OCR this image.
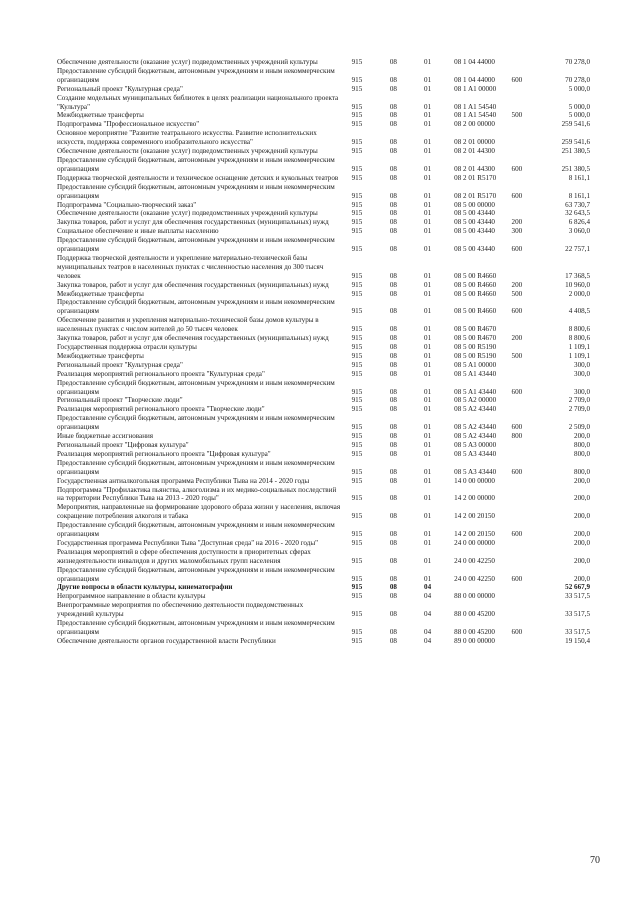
Обеспечение деятельности (оказание услуг) подведомственных учреждений культуры	915	08	01	08 1 04 44000		70 278,0
Предоставление субсидий бюджетным, автономным учреждениям и иным некоммерческим организациям	915	08	01	08 1 04 44000	600	70 278,0
Региональный проект "Культурная среда"	915	08	01	08 1 A1 00000		5 000,0
Создание модельных муниципальных библиотек в целях реализации национального проекта "Культура"	915	08	01	08 1 A1 54540		5 000,0
Межбюджетные трансферты	915	08	01	08 1 A1 54540	500	5 000,0
Подпрограмма "Профессиональное искусство"	915	08	01	08 2 00 00000		259 541,6
Основное мероприятие "Развитие театрального искусства. Развитие исполнительских искусств, поддержка современного изобразительного искусства"	915	08	01	08 2 01 00000		259 541,6
Обеспечение деятельности (оказание услуг) подведомственных учреждений культуры	915	08	01	08 2 01 44300		251 380,5
Предоставление субсидий бюджетным, автономным учреждениям и иным некоммерческим организациям	915	08	01	08 2 01 44300	600	251 380,5
Поддержка творческой деятельности и техническое оснащение детских и кукольных театров	915	08	01	08 2 01 R5170		8 161,1
Предоставление субсидий бюджетным, автономным учреждениям и иным некоммерческим организациям	915	08	01	08 2 01 R5170	600	8 161,1
Подпрограмма "Социально-творческий заказ"	915	08	01	08 5 00 00000		63 730,7
Обеспечение деятельности (оказание услуг) подведомственных учреждений культуры	915	08	01	08 5 00 43440		32 643,5
Закупка товаров, работ и услуг для обеспечения государственных (муниципальных) нужд	915	08	01	08 5 00 43440	200	6 826,4
Социальное обеспечение и иные выплаты населению	915	08	01	08 5 00 43440	300	3 060,0
Предоставление субсидий бюджетным, автономным учреждениям и иным некоммерческим организациям	915	08	01	08 5 00 43440	600	22 757,1
Поддержка творческой деятельности и укрепление материально-технической базы муниципальных театров в населенных пунктах с численностью населения до 300 тысяч человек	915	08	01	08 5 00 R4660		17 368,5
Закупка товаров, работ и услуг для обеспечения государственных (муниципальных) нужд	915	08	01	08 5 00 R4660	200	10 960,0
Межбюджетные трансферты	915	08	01	08 5 00 R4660	500	2 000,0
Предоставление субсидий бюджетным, автономным учреждениям и иным некоммерческим организациям	915	08	01	08 5 00 R4660	600	4 408,5
Обеспечение развития и укрепления материально-технической базы домов культуры в населенных пунктах с числом жителей до 50 тысяч человек	915	08	01	08 5 00 R4670		8 800,6
Закупка товаров, работ и услуг для обеспечения государственных (муниципальных) нужд	915	08	01	08 5 00 R4670	200	8 800,6
Государственная поддержка отрасли культуры	915	08	01	08 5 00 R5190		1 109,1
Межбюджетные трансферты	915	08	01	08 5 00 R5190	500	1 109,1
Региональный проект "Культурная среда"	915	08	01	08 5 A1 00000		300,0
Реализация мероприятий регионального проекта "Культурная среда"	915	08	01	08 5 A1 43440		300,0
Предоставление субсидий бюджетным, автономным учреждениям и иным некоммерческим организациям	915	08	01	08 5 A1 43440	600	300,0
Региональный проект "Творческие люди"	915	08	01	08 5 A2 00000		2 709,0
Реализация мероприятий регионального проекта "Творческие люди"	915	08	01	08 5 A2 43440		2 709,0
Предоставление субсидий бюджетным, автономным учреждениям и иным некоммерческим организациям	915	08	01	08 5 A2 43440	600	2 509,0
Иные бюджетные ассигнования	915	08	01	08 5 A2 43440	800	200,0
Региональный проект "Цифровая культура"	915	08	01	08 5 A3 00000		800,0
Реализация мероприятий регионального проекта "Цифровая культура"	915	08	01	08 5 A3 43440		800,0
Предоставление субсидий бюджетным, автономным учреждениям и иным некоммерческим организациям	915	08	01	08 5 A3 43440	600	800,0
Государственная антиалкогольная программа Республики Тыва на 2014 - 2020 годы	915	08	01	14 0 00 00000		200,0
Подпрограмма "Профилактика пьянства, алкоголизма и их медико-социальных последствий на территории Республики Тыва на 2013 - 2020 годы"	915	08	01	14 2 00 00000		200,0
Мероприятия, направленные на формирование здорового образа жизни у населения, включая сокращение потребления алкоголя и табака	915	08	01	14 2 00 20150		200,0
Предоставление субсидий бюджетным, автономным учреждениям и иным некоммерческим организациям	915	08	01	14 2 00 20150	600	200,0
Государственная программа Республики Тыва "Доступная среда" на 2016 - 2020 годы"	915	08	01	24 0 00 00000		200,0
Реализация мероприятий в сфере обеспечения доступности в приоритетных сферах жизнедеятельности инвалидов и других маломобильных групп населения	915	08	01	24 0 00 42250		200,0
Предоставление субсидий бюджетным, автономным учреждениям и иным некоммерческим организациям	915	08	01	24 0 00 42250	600	200,0
Другие вопросы в области культуры, кинематографии	915	08	04			52 667,9
Непрограммное направление в области культуры	915	08	04	88 0 00 00000		33 517,5
Внепрограммные мероприятия по обеспечению деятельности подведомственных учреждений культуры	915	08	04	88 0 00 45200		33 517,5
Предоставление субсидий бюджетным, автономным учреждениям и иным некоммерческим организациям	915	08	04	88 0 00 45200	600	33 517,5
Обеспечение деятельности органов государственной власти Республики	915	08	04	89 0 00 00000		19 150,4
70
